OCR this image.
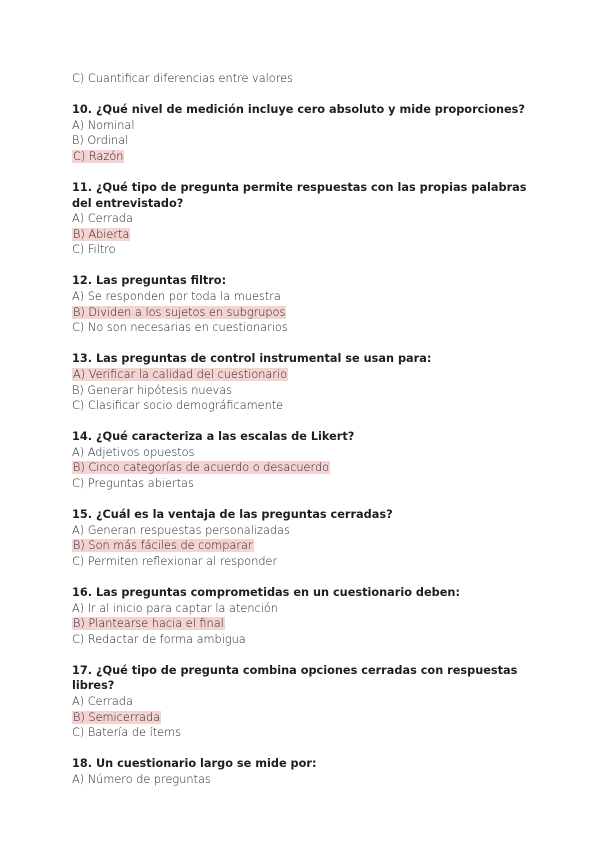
C) Cuantificar diferencias entre valores
10. ¿Qué nivel de medición incluye cero absoluto y mide proporciones?
A) Nominal
B) Ordinal
C) Razón
11. ¿Qué tipo de pregunta permite respuestas con las propias palabras del entrevistado?
A) Cerrada
B) Abierta
C) Filtro
12. Las preguntas filtro:
A) Se responden por toda la muestra
B) Dividen a los sujetos en subgrupos
C) No son necesarias en cuestionarios
13. Las preguntas de control instrumental se usan para:
A) Verificar la calidad del cuestionario
B) Generar hipótesis nuevas
C) Clasificar socio demográficamente
14. ¿Qué caracteriza a las escalas de Likert?
A) Adjetivos opuestos
B) Cinco categorías de acuerdo o desacuerdo
C) Preguntas abiertas
15. ¿Cuál es la ventaja de las preguntas cerradas?
A) Generan respuestas personalizadas
B) Son más fáciles de comparar
C) Permiten reflexionar al responder
16. Las preguntas comprometidas en un cuestionario deben:
A) Ir al inicio para captar la atención
B) Plantearse hacia el final
C) Redactar de forma ambigua
17. ¿Qué tipo de pregunta combina opciones cerradas con respuestas libres?
A) Cerrada
B) Semicerrada
C) Batería de ítems
18. Un cuestionario largo se mide por:
A) Número de preguntas
